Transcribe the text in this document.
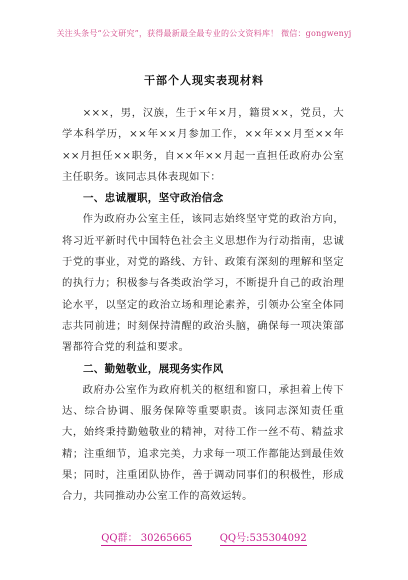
关注头条号“公文研究”，获得最新最全最专业的公文资料库！ 微信：gongwenyj
干部个人现实表现材料

×××，男，汉族，生于×年×月，籍贯××，党员，大学本科学历，××年××月参加工作，××年××月至××年××月担任××职务，自××年××月起一直担任政府办公室主任职务。该同志具体表现如下：

一、忠诚履职，坚守政治信念

作为政府办公室主任，该同志始终坚守党的政治方向，将习近平新时代中国特色社会主义思想作为行动指南，忠诚于党的事业，对党的路线、方针、政策有深刻的理解和坚定的执行力；积极参与各类政治学习，不断提升自己的政治理论水平，以坚定的政治立场和理论素养，引领办公室全体同志共同前进；时刻保持清醒的政治头脑，确保每一项决策部署都符合党的利益和要求。

二、勤勉敬业，展现务实作风

政府办公室作为政府机关的枢纽和窗口，承担着上传下达、综合协调、服务保障等重要职责。该同志深知责任重大，始终秉持勤勉敬业的精神，对待工作一丝不苟、精益求精；注重细节，追求完美，力求每一项工作都能达到最佳效果；同时，注重团队协作，善于调动同事们的积极性，形成合力，共同推动办公室工作的高效运转。

QQ群： 30265665	QQ号:535304092
